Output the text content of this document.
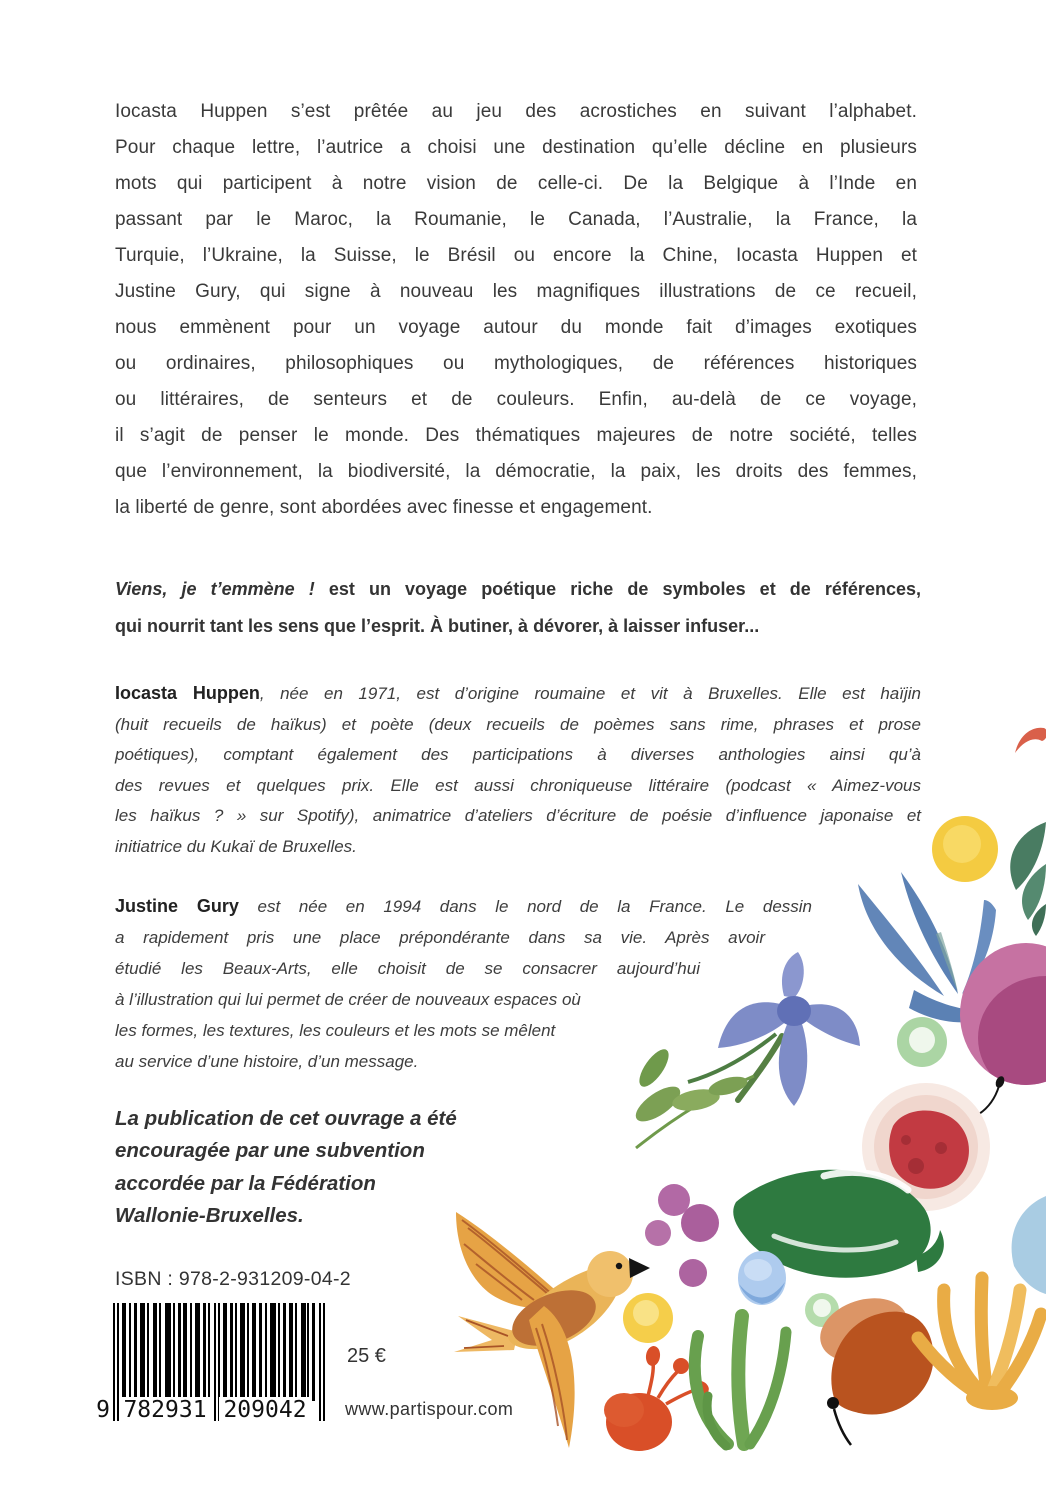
Iocasta Huppen s’est prêtée au jeu des acrostiches en suivant l’alphabet.
Pour chaque lettre, l’autrice a choisi une destination qu’elle décline en plusieurs
mots qui participent à notre vision de celle-ci. De la Belgique à l’Inde en
passant par le Maroc, la Roumanie, le Canada, l’Australie, la France, la
Turquie, l’Ukraine, la Suisse, le Brésil ou encore la Chine, Iocasta Huppen et
Justine Gury, qui signe à nouveau les magnifiques illustrations de ce recueil,
nous emmènent pour un voyage autour du monde fait d’images exotiques
ou ordinaires, philosophiques ou mythologiques, de références historiques
ou littéraires, de senteurs et de couleurs. Enfin, au-delà de ce voyage,
il s’agit de penser le monde. Des thématiques majeures de notre société, telles
que l’environnement, la biodiversité, la démocratie, la paix, les droits des femmes,
la liberté de genre, sont abordées avec finesse et engagement.
Viens, je t’emmène ! est un voyage poétique riche de symboles et de références,
qui nourrit tant les sens que l’esprit. À butiner, à dévorer, à laisser infuser...
Iocasta Huppen, née en 1971, est d’origine roumaine et vit à Bruxelles. Elle est haïjin
(huit recueils de haïkus) et poète (deux recueils de poèmes sans rime, phrases et prose
poétiques), comptant également des participations à diverses anthologies ainsi qu’à
des revues et quelques prix. Elle est aussi chroniqueuse littéraire (podcast « Aimez-vous
les haïkus ? » sur Spotify), animatrice d’ateliers d’écriture de poésie d’influence japonaise et
initiatrice du Kukaï de Bruxelles.
Justine Gury est née en 1994 dans le nord de la France. Le dessin
a rapidement pris une place prépondérante dans sa vie. Après avoir
étudié les Beaux-Arts, elle choisit de se consacrer aujourd’hui
à l’illustration qui lui permet de créer de nouveaux espaces où
les formes, les textures, les couleurs et les mots se mêlent
au service d’une histoire, d’un message.
La publication de cet ouvrage a été
encouragée par une subvention
accordée par la Fédération
Wallonie-Bruxelles.
ISBN : 978-2-931209-04-2
9 782931 209042
25 €
www.partispour.com
